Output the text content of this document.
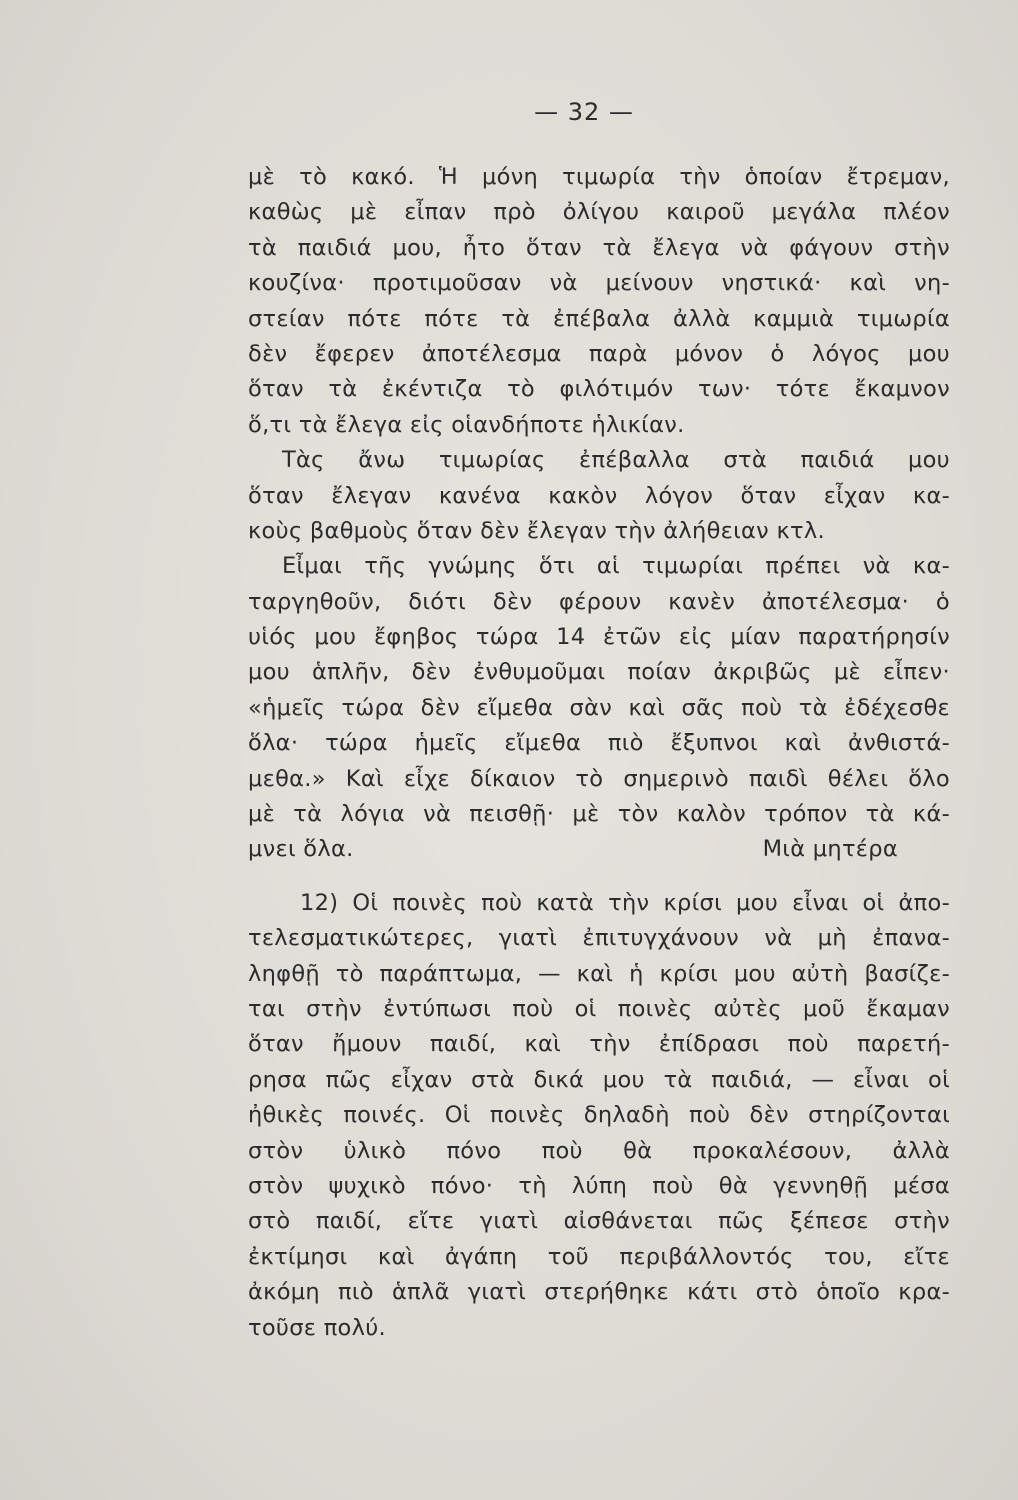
— 32 —
μὲ τὸ κακό. Ἡ μόνη τιμωρία τὴν ὁποίαν ἔτρεμαν,
καθὼς μὲ εἶπαν πρὸ ὀλίγου καιροῦ μεγάλα πλέον
τὰ παιδιά μου, ἦτο ὅταν τὰ ἔλεγα νὰ φάγουν στὴν
κουζίνα· προτιμοῦσαν νὰ μείνουν νηστικά· καὶ νη-
στείαν πότε πότε τὰ ἐπέβαλα ἀλλὰ καμμιὰ τιμωρία
δὲν ἔφερεν ἀποτέλεσμα παρὰ μόνον ὁ λόγος μου
ὅταν τὰ ἐκέντιζα τὸ φιλότιμόν των· τότε ἔκαμνον
ὅ,τι τὰ ἔλεγα εἰς οἱανδήποτε ἡλικίαν.
Τὰς ἄνω τιμωρίας ἐπέβαλλα στὰ παιδιά μου
ὅταν ἔλεγαν κανένα κακὸν λόγον ὅταν εἶχαν κα-
κοὺς βαθμοὺς ὅταν δὲν ἔλεγαν τὴν ἀλήθειαν κτλ.
Εἶμαι τῆς γνώμης ὅτι αἱ τιμωρίαι πρέπει νὰ κα-
ταργηθοῦν, διότι δὲν φέρουν κανὲν ἀποτέλεσμα· ὁ
υἱός μου ἔφηβος τώρα 14 ἐτῶν εἰς μίαν παρατήρησίν
μου ἁπλῆν, δὲν ἐνθυμοῦμαι ποίαν ἀκριβῶς μὲ εἶπεν·
«ἡμεῖς τώρα δὲν εἴμεθα σὰν καὶ σᾶς ποὺ τὰ ἐδέχεσθε
ὅλα· τώρα ἡμεῖς εἴμεθα πιὸ ἔξυπνοι καὶ ἀνθιστά-
μεθα.» Καὶ εἶχε δίκαιον τὸ σημερινὸ παιδὶ θέλει ὅλο
μὲ τὰ λόγια νὰ πεισθῇ· μὲ τὸν καλὸν τρόπον τὰ κά-
μνει ὅλα.	Μιὰ μητέρα
12) Οἱ ποινὲς ποὺ κατὰ τὴν κρίσι μου εἶναι οἱ ἀπο-
τελεσματικώτερες, γιατὶ ἐπιτυγχάνουν νὰ μὴ ἐπανα-
ληφθῇ τὸ παράπτωμα, — καὶ ἡ κρίσι μου αὐτὴ βασίζε-
ται στὴν ἐντύπωσι ποὺ οἱ ποινὲς αὐτὲς μοῦ ἔκαμαν
ὅταν ἤμουν παιδί, καὶ τὴν ἐπίδρασι ποὺ παρετή-
ρησα πῶς εἶχαν στὰ δικά μου τὰ παιδιά, — εἶναι οἱ
ἠθικὲς ποινές. Οἱ ποινὲς δηλαδὴ ποὺ δὲν στηρίζονται
στὸν ὑλικὸ πόνο ποὺ θὰ προκαλέσουν, ἀλλὰ
στὸν ψυχικὸ πόνο· τὴ λύπη ποὺ θὰ γεννηθῇ μέσα
στὸ παιδί, εἴτε γιατὶ αἰσθάνεται πῶς ξέπεσε στὴν
ἐκτίμησι καὶ ἀγάπη τοῦ περιβάλλοντός του, εἴτε
ἀκόμη πιὸ ἁπλᾶ γιατὶ στερήθηκε κάτι στὸ ὁποῖο κρα-
τοῦσε πολύ.
